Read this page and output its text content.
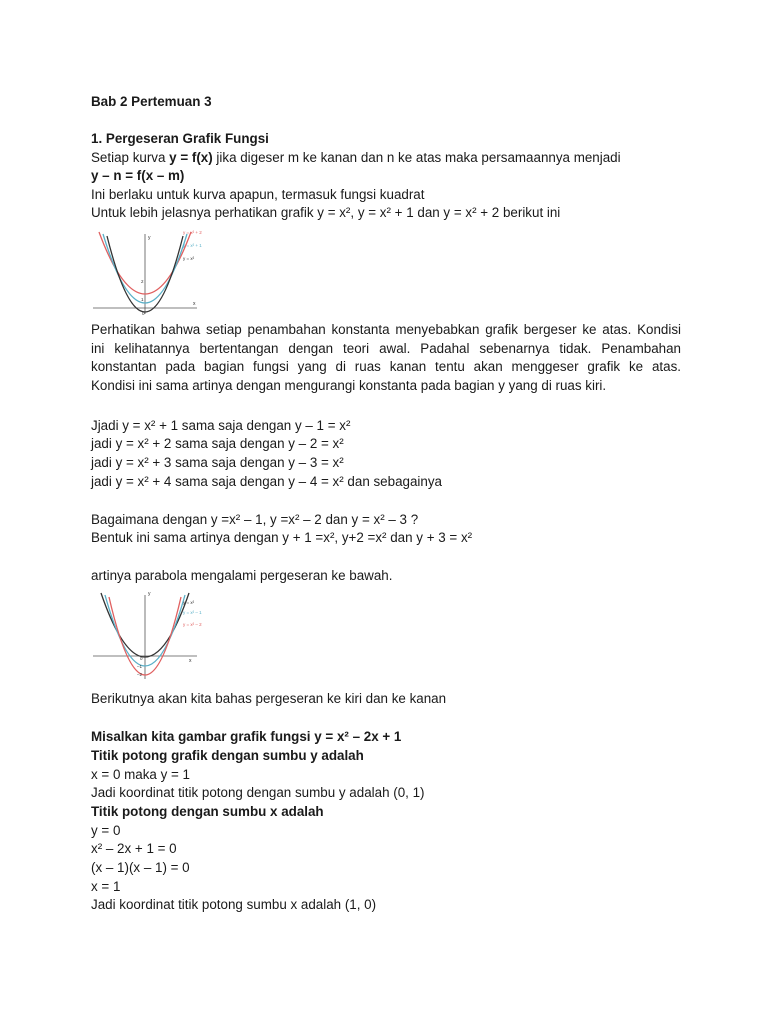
Bab 2 Pertemuan 3
1. Pergeseran Grafik Fungsi
Setiap kurva y = f(x) jika digeser m ke kanan dan n ke atas maka persamaannya menjadi
y – n = f(x – m)
Ini berlaku untuk kurva apapun, termasuk fungsi kuadrat
Untuk lebih jelasnya perhatikan grafik y = x², y = x² + 1 dan y = x² + 2 berikut ini
y
x
2
1
0
y = x² + 2
y = x² + 1
y = x²
Perhatikan bahwa setiap penambahan konstanta menyebabkan grafik bergeser ke atas. Kondisi
ini kelihatannya bertentangan dengan teori awal. Padahal sebenarnya tidak. Penambahan
konstantan pada bagian fungsi yang di ruas kanan tentu akan menggeser grafik ke atas.
Kondisi ini sama artinya dengan mengurangi konstanta pada bagian y yang di ruas kiri.
Jjadi y = x² + 1 sama saja dengan y – 1 = x²
jadi y = x² + 2 sama saja dengan y – 2 = x²
jadi y = x² + 3 sama saja dengan y – 3 = x²
jadi y = x² + 4 sama saja dengan y – 4 = x² dan sebagainya
Bagaimana dengan y =x² – 1, y =x² – 2 dan y = x² – 3 ?
Bentuk ini sama artinya dengan y + 1 =x², y+2 =x² dan y + 3 = x²
artinya parabola mengalami pergeseran ke bawah.
y
x
0
–1
–2
y = x²
y = x² – 1
y = x² – 2
Berikutnya akan kita bahas pergeseran ke kiri dan ke kanan
Misalkan kita gambar grafik fungsi y = x² – 2x + 1
Titik potong grafik dengan sumbu y adalah
x = 0 maka y = 1
Jadi koordinat titik potong dengan sumbu y adalah (0, 1)
Titik potong dengan sumbu x adalah
y = 0
x² – 2x + 1 = 0
(x – 1)(x – 1) = 0
x = 1
Jadi koordinat titik potong sumbu x adalah (1, 0)
